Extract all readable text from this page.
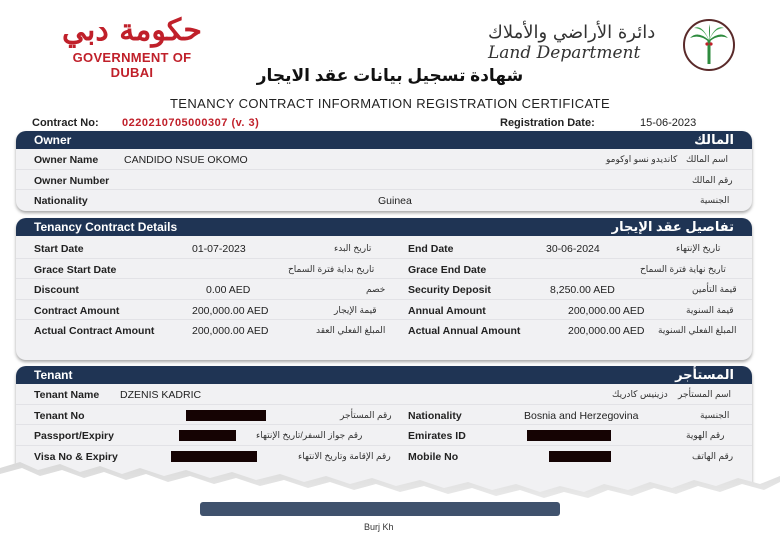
حكومة دبي
GOVERNMENT OF DUBAI
دائرة الأراضي والأملاك
Land Department
شهادة تسجيل بيانات عقد الايجار
TENANCY CONTRACT INFORMATION REGISTRATION CERTIFICATE
Contract No: 0220210705000307 (v. 3)	Registration Date:	15-06-2023
Owner	المالك
Owner Name CANDIDO NSUE OKOMO	كانديدو نسو اوكومو اسم المالك
Owner Number	رقم المالك
Nationality	Guinea	الجنسية
Tenancy Contract Details	تفاصيل عقد الإيجار
Start Date	01-07-2023	تاريخ البدء	End Date	30-06-2024	تاريخ الإنتهاء
Grace Start Date	تاريخ بداية فترة السماح	Grace End Date	تاريخ نهاية فترة السماح
Discount	0.00 AED	خصم Security Deposit	8,250.00 AED	قيمة التأمين
Contract Amount	200,000.00 AED	قيمة الإيجار	Annual Amount	200,000.00 AED	قيمة السنوية
Actual Contract Amount	200,000.00 AED	المبلغ الفعلي العقد Actual Annual Amount	200,000.00 AED المبلغ الفعلي السنوية
Tenant	المستأجر
Tenant Name DZENIS KADRIC	دزينيس كادريك اسم المستأجر
Tenant No	رقم المستأجر Nationality	Bosnia and Herzegovina	الجنسية
Passport/Expiry	رقم جواز السفر/تاريخ الإنتهاء	Emirates ID	رقم الهوية
Visa No & Expiry	رقم الإقامة وتاريخ الانتهاء Mobile No	رقم الهاتف
Burj Kh
